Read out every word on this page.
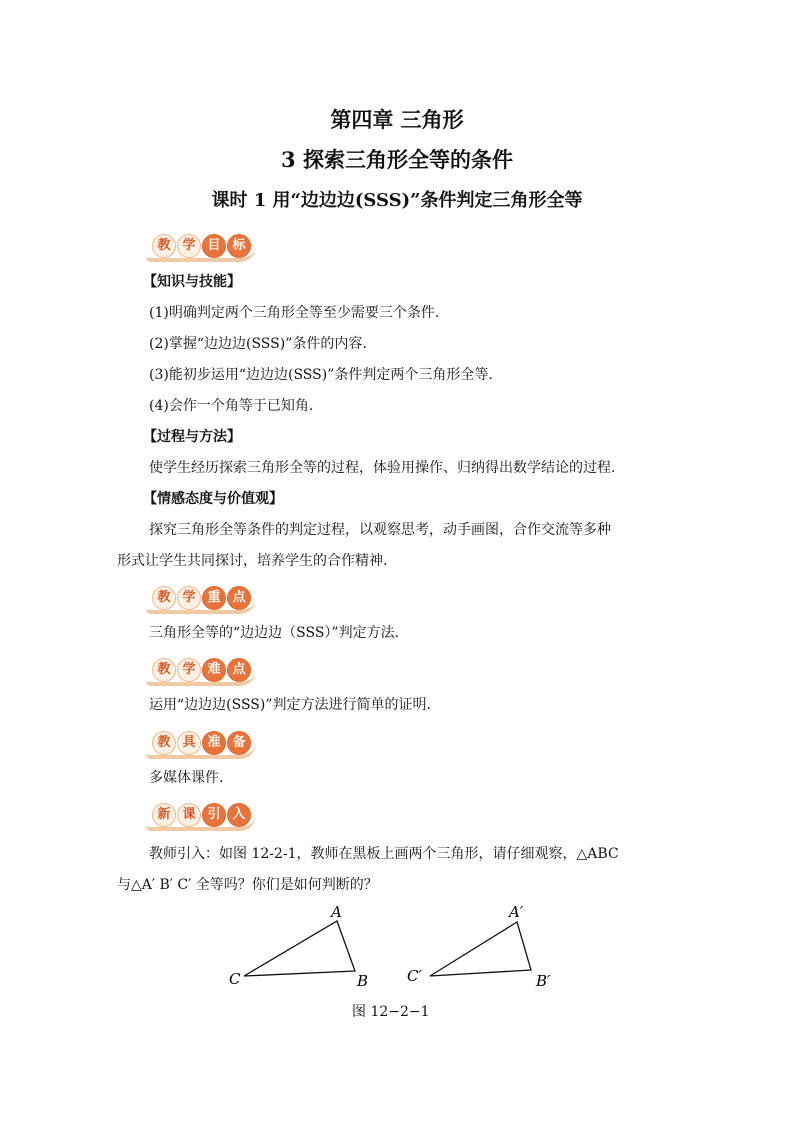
第四章 三角形
3 探索三角形全等的条件
课时 1 用“边边边(SSS)”条件判定三角形全等
教 学 目 标
【知识与技能】
(1)明确判定两个三角形全等至少需要三个条件.
(2)掌握“边边边(SSS)”条件的内容.
(3)能初步运用“边边边(SSS)”条件判定两个三角形全等.
(4)会作一个角等于已知角.
【过程与方法】
使学生经历探索三角形全等的过程，体验用操作、归纳得出数学结论的过程.
【情感态度与价值观】
探究三角形全等条件的判定过程，以观察思考，动手画图，合作交流等多种
形式让学生共同探讨，培养学生的合作精神.
教 学 重 点
三角形全等的“边边边（SSS）”判定方法.
教 学 难 点
运用“边边边(SSS)”判定方法进行简单的证明.
教 具 准 备
多媒体课件.
新 课 引 入
教师引入：如图 12-2-1，教师在黑板上画两个三角形，请仔细观察，△ABC
与△A′ B′ C′ 全等吗？你们是如何判断的？
A
B
C
A′
B′
C′
图 12−2−1
